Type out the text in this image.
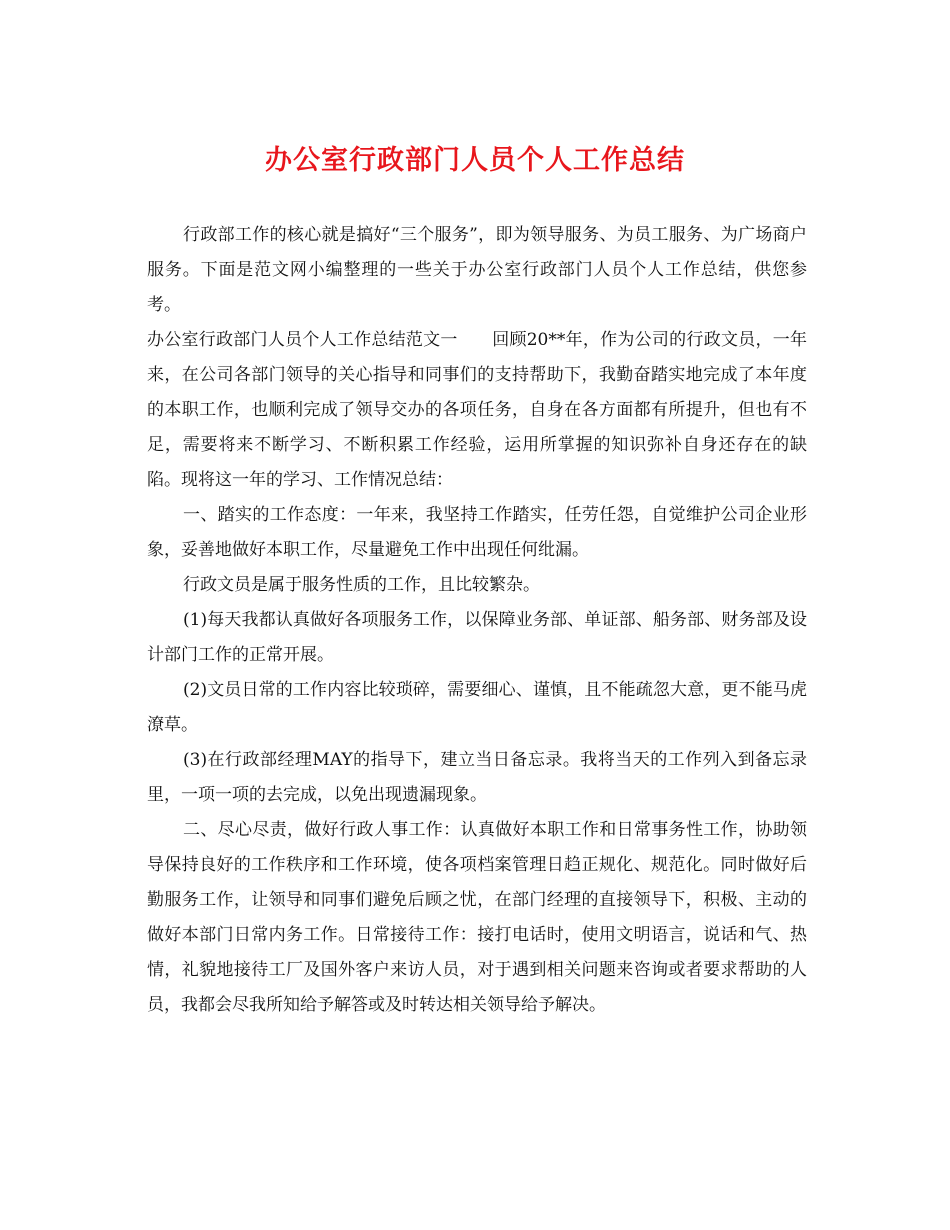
办公室行政部门人员个人工作总结

行政部工作的核心就是搞好“三个服务”，即为领导服务、为员工服务、为广场商户服务。下面是范文网小编整理的一些关于办公室行政部门人员个人工作总结，供您参考。

办公室行政部门人员个人工作总结范文一　　回顾20**年，作为公司的行政文员，一年来，在公司各部门领导的关心指导和同事们的支持帮助下，我勤奋踏实地完成了本年度的本职工作，也顺利完成了领导交办的各项任务，自身在各方面都有所提升，但也有不足，需要将来不断学习、不断积累工作经验，运用所掌握的知识弥补自身还存在的缺陷。现将这一年的学习、工作情况总结：

一、踏实的工作态度：一年来，我坚持工作踏实，任劳任怨，自觉维护公司企业形象，妥善地做好本职工作，尽量避免工作中出现任何纰漏。

行政文员是属于服务性质的工作，且比较繁杂。

(1)每天我都认真做好各项服务工作，以保障业务部、单证部、船务部、财务部及设计部门工作的正常开展。

(2)文员日常的工作内容比较琐碎，需要细心、谨慎，且不能疏忽大意，更不能马虎潦草。

(3)在行政部经理MAY的指导下，建立当日备忘录。我将当天的工作列入到备忘录里，一项一项的去完成，以免出现遗漏现象。

二、尽心尽责，做好行政人事工作：认真做好本职工作和日常事务性工作，协助领导保持良好的工作秩序和工作环境，使各项档案管理日趋正规化、规范化。同时做好后勤服务工作，让领导和同事们避免后顾之忧，在部门经理的直接领导下，积极、主动的做好本部门日常内务工作。日常接待工作：接打电话时，使用文明语言，说话和气、热情，礼貌地接待工厂及国外客户来访人员，对于遇到相关问题来咨询或者要求帮助的人员，我都会尽我所知给予解答或及时转达相关领导给予解决。
